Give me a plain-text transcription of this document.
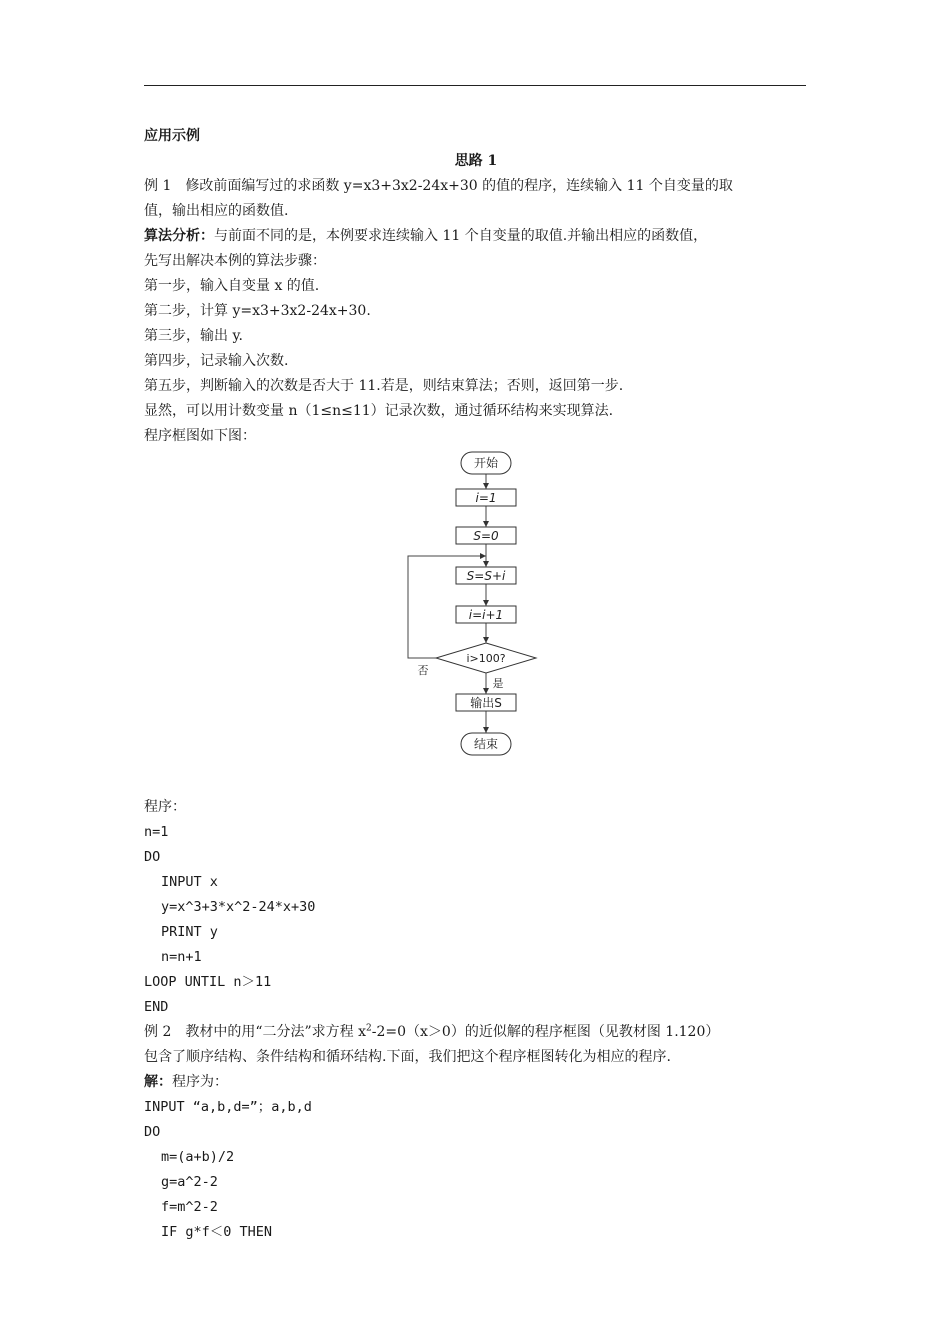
应用示例
思路 1
例 1　修改前面编写过的求函数 y=x3+3x2-24x+30 的值的程序，连续输入 11 个自变量的取
值，输出相应的函数值.
算法分析：与前面不同的是，本例要求连续输入 11 个自变量的取值.并输出相应的函数值，
先写出解决本例的算法步骤：
第一步，输入自变量 x 的值.
第二步，计算 y=x3+3x2-24x+30.
第三步，输出 y.
第四步，记录输入次数.
第五步，判断输入的次数是否大于 11.若是，则结束算法；否则，返回第一步.
显然，可以用计数变量 n（1≤n≤11）记录次数，通过循环结构来实现算法.
程序框图如下图：
开始
i=1
S=0
S=S+i
i=i+1
i>100?
否
是
输出S
结束
程序：
n=1
DO
INPUT x
y=x^3+3*x^2-24*x+30
PRINT y
n=n+1
LOOP UNTIL n＞11
END
例 2　教材中的用“二分法”求方程 $x^2-2=0(x>0)$的近似解的程序框图（见教材图 1.120）
包含了顺序结构、条件结构和循环结构.下面，我们把这个程序框图转化为相应的程序.
解：程序为：
INPUT “a,b,d=”；a,b,d
DO
m=(a+b)/2
g=a^2-2
f=m^2-2
IF g*f＜0 THEN
